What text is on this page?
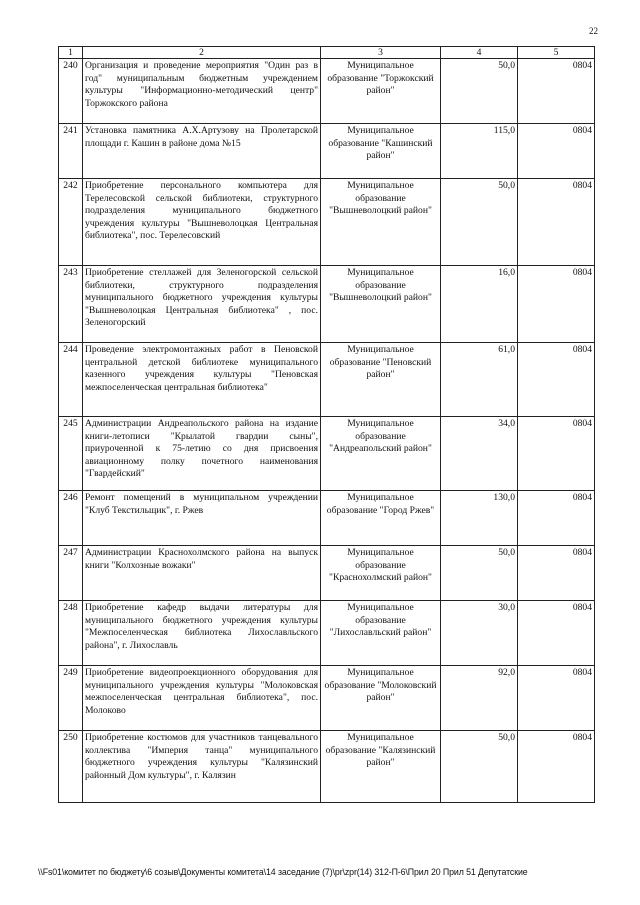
22
1	2	3	4	5
240	Организация и проведение мероприятия "Один раз в год" муниципальным бюджетным учреждением культуры "Информационно-методический центр" Торжокского района	Муниципальное образование "Торжокский район"	50,0	0804
241	Установка памятника А.Х.Артузову на Пролетарской площади г. Кашин в районе дома №15	Муниципальное образование "Кашинский район"	115,0	0804
242	Приобретение персонального компьютера для Терелесовской сельской библиотеки, структурного подразделения муниципального бюджетного учреждения культуры "Вышневолоцкая Центральная библиотека", пос. Терелесовский	Муниципальное образование "Вышневолоцкий район"	50,0	0804
243	Приобретение стеллажей для Зеленогорской сельской библиотеки, структурного подразделения муниципального бюджетного учреждения культуры "Вышневолоцкая Центральная библиотека" , пос. Зеленогорский	Муниципальное образование "Вышневолоцкий район"	16,0	0804
244	Проведение электромонтажных работ в Пеновской центральной детской библиотеке муниципального казенного учреждения культуры "Пеновская межпоселенческая центральная библиотека"	Муниципальное образование "Пеновский район"	61,0	0804
245	Администрации Андреапольского района на издание книги-летописи "Крылатой гвардии сыны", приуроченной к 75-летию со дня присвоения авиационному полку почетного наименования "Гвардейский"	Муниципальное образование "Андреапольский район"	34,0	0804
246	Ремонт помещений в муниципальном учреждении "Клуб Текстильщик", г. Ржев	Муниципальное образование "Город Ржев"	130,0	0804
247	Администрации Краснохолмского района на выпуск книги "Колхозные вожаки"	Муниципальное образование "Краснохолмский район"	50,0	0804
248	Приобретение кафедр выдачи литературы для муниципального бюджетного учреждения культуры "Межпоселенческая библиотека Лихославльского района", г. Лихославль	Муниципальное образование "Лихославльский район"	30,0	0804
249	Приобретение видеопроекционного оборудования для муниципального учреждения культуры "Молоковская межпоселенческая центральная библиотека", пос. Молоково	Муниципальное образование "Молоковский район"	92,0	0804
250	Приобретение костюмов для участников танцевального коллектива "Империя танца" муниципального бюджетного учреждения культуры "Калязинский районный Дом культуры", г. Калязин	Муниципальное образование "Калязинский район"	50,0	0804
\\Fs01\комитет по бюджету\6 созыв\Документы комитета\14 заседание (7)\pr\zpr(14) 312-П-6\Прил 20 Прил 51 Депутатские
